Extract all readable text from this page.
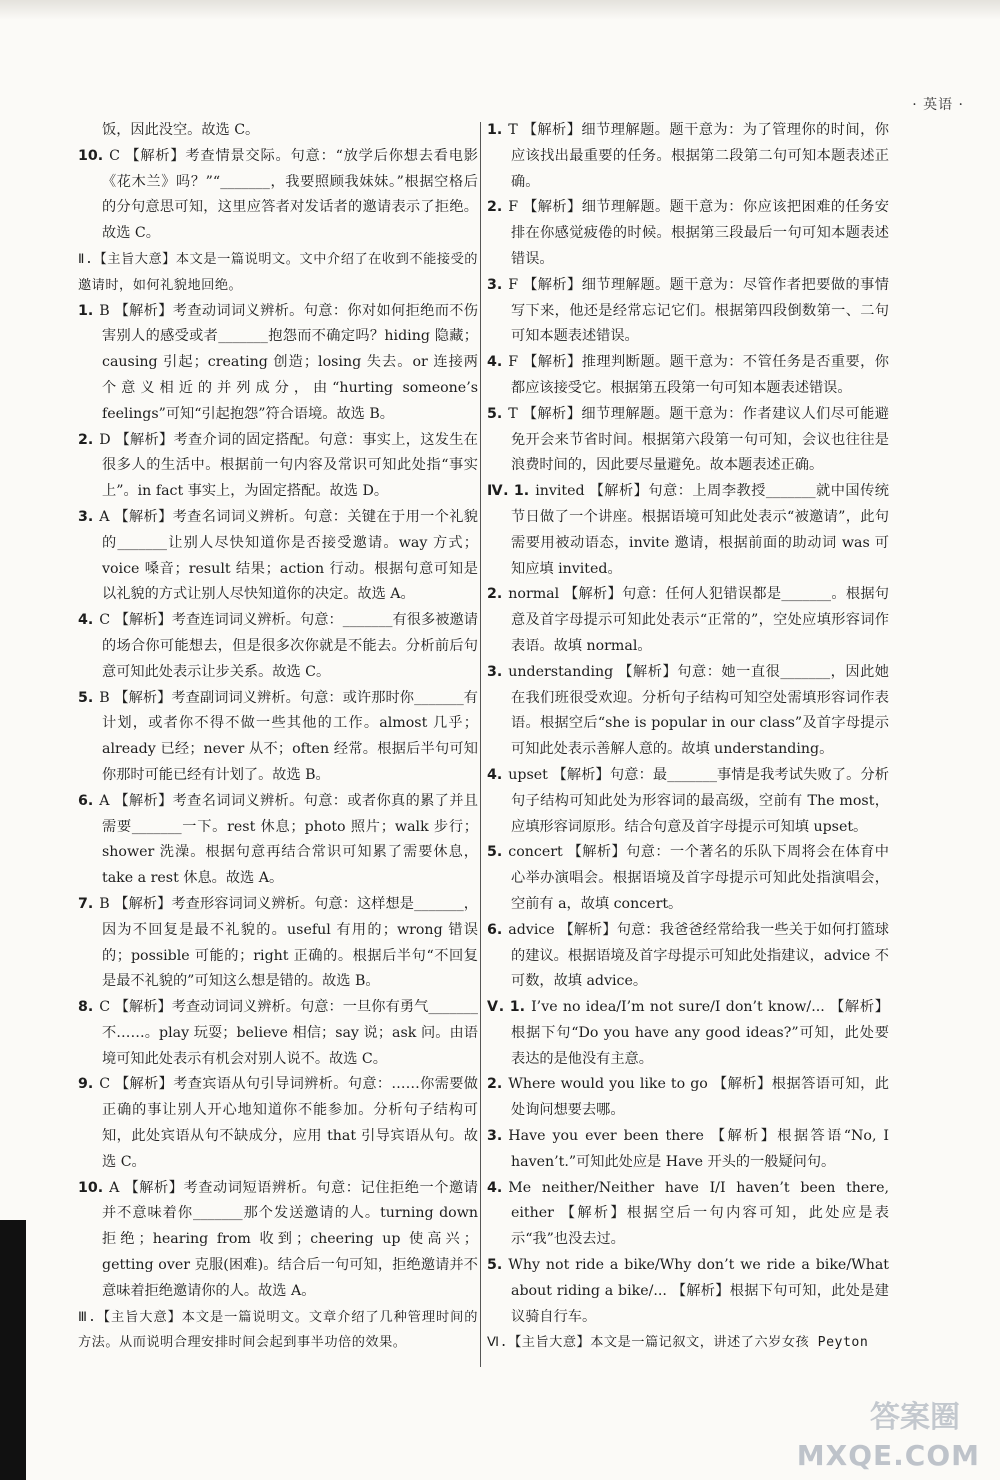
· 英语 ·

饭，因此没空。故选 C。

10. C 【解析】考查情景交际。句意：“放学后你想去看电影《花木兰》吗？”“_______，我要照顾我妹妹。”根据空格后的分句意思可知，这里应答者对发话者的邀请表示了拒绝。故选 C。

Ⅱ.【主旨大意】本文是一篇说明文。文中介绍了在收到不能接受的邀请时，如何礼貌地回绝。

1. B 【解析】考查动词词义辨析。句意：你对如何拒绝而不伤害别人的感受或者_______抱怨而不确定吗？hiding 隐藏；causing 引起；creating 创造；losing 失去。or 连接两个意义相近的并列成分，由“hurting someone’s feelings”可知“引起抱怨”符合语境。故选 B。

2. D 【解析】考查介词的固定搭配。句意：事实上，这发生在很多人的生活中。根据前一句内容及常识可知此处指“事实上”。in fact 事实上，为固定搭配。故选 D。

3. A 【解析】考查名词词义辨析。句意：关键在于用一个礼貌的_______让别人尽快知道你是否接受邀请。way 方式；voice 嗓音；result 结果；action 行动。根据句意可知是以礼貌的方式让别人尽快知道你的决定。故选 A。

4. C 【解析】考查连词词义辨析。句意：_______有很多被邀请的场合你可能想去，但是很多次你就是不能去。分析前后句意可知此处表示让步关系。故选 C。

5. B 【解析】考查副词词义辨析。句意：或许那时你_______有计划，或者你不得不做一些其他的工作。almost 几乎；already 已经；never 从不；often 经常。根据后半句可知你那时可能已经有计划了。故选 B。

6. A 【解析】考查名词词义辨析。句意：或者你真的累了并且需要_______一下。rest 休息；photo 照片；walk 步行；shower 洗澡。根据句意再结合常识可知累了需要休息，take a rest 休息。故选 A。

7. B 【解析】考查形容词词义辨析。句意：这样想是_______，因为不回复是最不礼貌的。useful 有用的；wrong 错误的；possible 可能的；right 正确的。根据后半句“不回复是最不礼貌的”可知这么想是错的。故选 B。

8. C 【解析】考查动词词义辨析。句意：一旦你有勇气_______不……。play 玩耍；believe 相信；say 说；ask 问。由语境可知此处表示有机会对别人说不。故选 C。

9. C 【解析】考查宾语从句引导词辨析。句意：……你需要做正确的事让别人开心地知道你不能参加。分析句子结构可知，此处宾语从句不缺成分，应用 that 引导宾语从句。故选 C。

10. A 【解析】考查动词短语辨析。句意：记住拒绝一个邀请并不意味着你_______那个发送邀请的人。turning down 拒绝；hearing from 收到；cheering up 使高兴；getting over 克服(困难)。结合后一句可知，拒绝邀请并不意味着拒绝邀请你的人。故选 A。

Ⅲ.【主旨大意】本文是一篇说明文。文章介绍了几种管理时间的方法。从而说明合理安排时间会起到事半功倍的效果。

1. T 【解析】细节理解题。题干意为：为了管理你的时间，你应该找出最重要的任务。根据第二段第二句可知本题表述正确。

2. F 【解析】细节理解题。题干意为：你应该把困难的任务安排在你感觉疲倦的时候。根据第三段最后一句可知本题表述错误。

3. F 【解析】细节理解题。题干意为：尽管作者把要做的事情写下来，他还是经常忘记它们。根据第四段倒数第一、二句可知本题表述错误。

4. F 【解析】推理判断题。题干意为：不管任务是否重要，你都应该接受它。根据第五段第一句可知本题表述错误。

5. T 【解析】细节理解题。题干意为：作者建议人们尽可能避免开会来节省时间。根据第六段第一句可知，会议也往往是浪费时间的，因此要尽量避免。故本题表述正确。

Ⅳ. 1. invited 【解析】句意：上周李教授_______就中国传统节日做了一个讲座。根据语境可知此处表示“被邀请”，此句需要用被动语态，invite 邀请，根据前面的助动词 was 可知应填 invited。

2. normal 【解析】句意：任何人犯错误都是_______。根据句意及首字母提示可知此处表示“正常的”，空处应填形容词作表语。故填 normal。

3. understanding 【解析】句意：她一直很_______，因此她在我们班很受欢迎。分析句子结构可知空处需填形容词作表语。根据空后“she is popular in our class”及首字母提示可知此处表示善解人意的。故填 understanding。

4. upset 【解析】句意：最_______事情是我考试失败了。分析句子结构可知此处为形容词的最高级，空前有 The most，应填形容词原形。结合句意及首字母提示可知填 upset。

5. concert 【解析】句意：一个著名的乐队下周将会在体育中心举办演唱会。根据语境及首字母提示可知此处指演唱会，空前有 a，故填 concert。

6. advice 【解析】句意：我爸爸经常给我一些关于如何打篮球的建议。根据语境及首字母提示可知此处指建议，advice 不可数，故填 advice。

Ⅴ. 1. I’ve no idea/I’m not sure/I don’t know/... 【解析】根据下句“Do you have any good ideas?”可知，此处要表达的是他没有主意。

2. Where would you like to go 【解析】根据答语可知，此处询问想要去哪。

3. Have you ever been there 【解析】根据答语“No, I haven’t.”可知此处应是 Have 开头的一般疑问句。

4. Me neither/Neither have I/I haven’t been there, either 【解析】根据空后一句内容可知，此处应是表示“我”也没去过。

5. Why not ride a bike/Why don’t we ride a bike/What about riding a bike/... 【解析】根据下句可知，此处是建议骑自行车。

Ⅵ.【主旨大意】本文是一篇记叙文，讲述了六岁女孩 Peyton

答案圈
MXQE.COM
